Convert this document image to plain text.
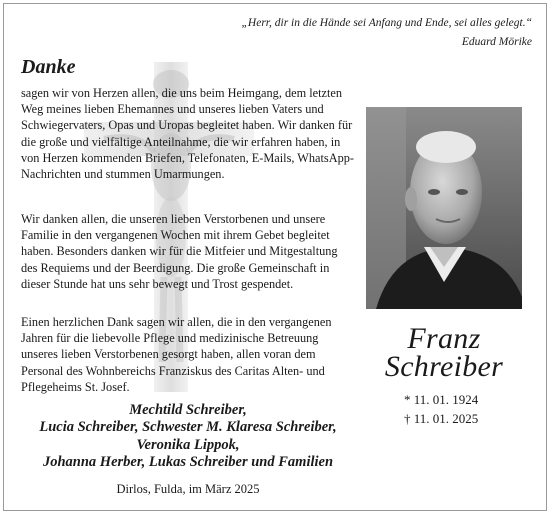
„Herr, dir in die Hände sei Anfang und Ende, sei alles gelegt.“
Eduard Mörike
Danke

sagen wir von Herzen allen, die uns beim Heimgang, dem letzten Weg meines lieben Ehemannes und unseres lieben Vaters und Schwiegervaters, Opas und Uropas begleitet haben. Wir danken für die große und vielfältige Anteilnahme, die wir erfahren haben, in von Herzen kommenden Briefen, Telefonaten, E-Mails, WhatsApp-Nachrichten und stummen Umarmungen.

Wir danken allen, die unseren lieben Verstorbenen und unsere Familie in den vergangenen Wochen mit ihrem Gebet begleitet haben. Besonders danken wir für die Mitfeier und Mitgestaltung des Requiems und der Beerdigung. Die große Gemeinschaft in dieser Stunde hat uns sehr bewegt und Trost gespendet.

Einen herzlichen Dank sagen wir allen, die in den vergangenen Jahren für die liebevolle Pflege und medizinische Betreuung unseres lieben Verstorbenen gesorgt haben, allen voran dem Personal des Wohnbereichs Franziskus des Caritas Alten- und Pflegeheims St. Josef.

Franz
Schreiber
* 11. 01. 1924
† 11. 01. 2025
Mechtild Schreiber,
Lucia Schreiber, Schwester M. Klaresa Schreiber,
Veronika Lippok,
Johanna Herber, Lukas Schreiber und Familien
Dirlos, Fulda, im März 2025
